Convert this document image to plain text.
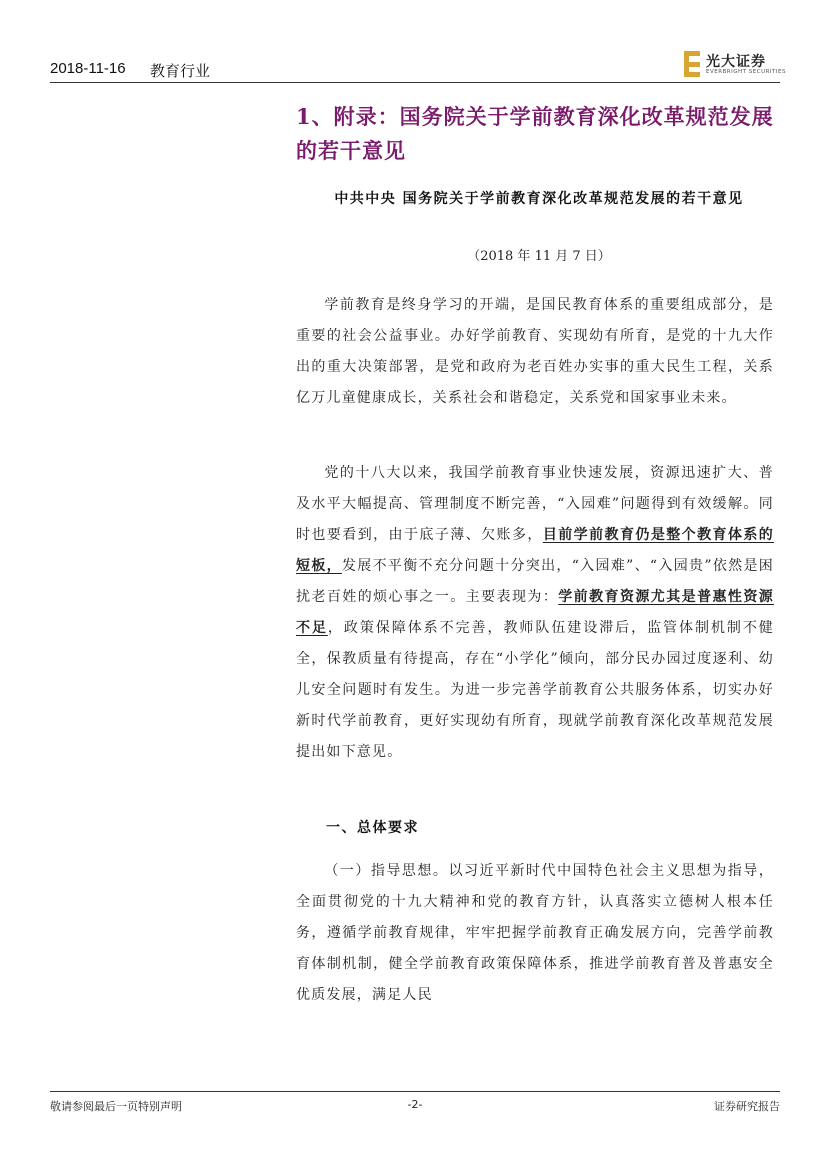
2018-11-16 教育行业
光大证券
EVERBRIGHT SECURITIES
1、附录：国务院关于学前教育深化改革规范发展的若干意见
中共中央 国务院关于学前教育深化改革规范发展的若干意见
（2018 年 11 月 7 日）

学前教育是终身学习的开端，是国民教育体系的重要组成部分，是重要的社会公益事业。办好学前教育、实现幼有所育，是党的十九大作出的重大决策部署，是党和政府为老百姓办实事的重大民生工程，关系亿万儿童健康成长，关系社会和谐稳定，关系党和国家事业未来。

党的十八大以来，我国学前教育事业快速发展，资源迅速扩大、普及水平大幅提高、管理制度不断完善，“入园难”问题得到有效缓解。同时也要看到，由于底子薄、欠账多，目前学前教育仍是整个教育体系的短板，发展不平衡不充分问题十分突出，“入园难”、“入园贵”依然是困扰老百姓的烦心事之一。主要表现为：学前教育资源尤其是普惠性资源不足，政策保障体系不完善，教师队伍建设滞后，监管体制机制不健全，保教质量有待提高，存在“小学化”倾向，部分民办园过度逐利、幼儿安全问题时有发生。为进一步完善学前教育公共服务体系，切实办好新时代学前教育，更好实现幼有所育，现就学前教育深化改革规范发展提出如下意见。

一、总体要求

（一）指导思想。以习近平新时代中国特色社会主义思想为指导，全面贯彻党的十九大精神和党的教育方针，认真落实立德树人根本任务，遵循学前教育规律，牢牢把握学前教育正确发展方向，完善学前教育体制机制，健全学前教育政策保障体系，推进学前教育普及普惠安全优质发展，满足人民

敬请参阅最后一页特别声明	-2-	证券研究报告
